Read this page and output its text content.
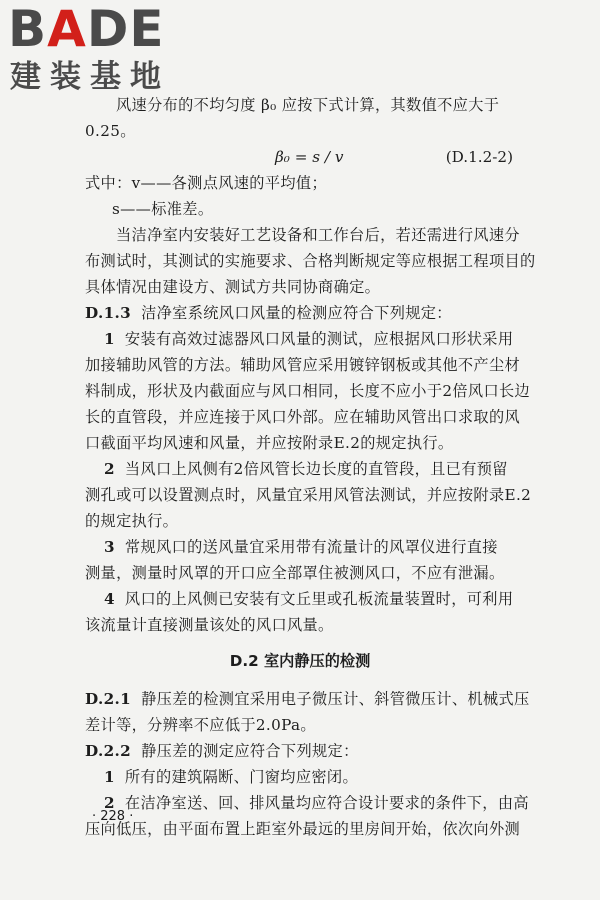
BADE
建装基地
风速分布的不均匀度 β₀ 应按下式计算，其数值不应大于
0.25。
β₀ = s / v	(D.1.2-2)
式中：v——各测点风速的平均值；
s——标准差。
当洁净室内安装好工艺设备和工作台后，若还需进行风速分
布测试时，其测试的实施要求、合格判断规定等应根据工程项目的
具体情况由建设方、测试方共同协商确定。
D.1.3 洁净室系统风口风量的检测应符合下列规定：
1 安装有高效过滤器风口风量的测试，应根据风口形状采用
加接辅助风管的方法。辅助风管应采用镀锌钢板或其他不产尘材
料制成，形状及内截面应与风口相同，长度不应小于2倍风口长边
长的直管段，并应连接于风口外部。应在辅助风管出口求取的风
口截面平均风速和风量，并应按附录E.2的规定执行。
2 当风口上风侧有2倍风管长边长度的直管段，且已有预留
测孔或可以设置测点时，风量宜采用风管法测试，并应按附录E.2
的规定执行。
3 常规风口的送风量宜采用带有流量计的风罩仪进行直接
测量，测量时风罩的开口应全部罩住被测风口，不应有泄漏。
4 风口的上风侧已安装有文丘里或孔板流量装置时，可利用
该流量计直接测量该处的风口风量。
D.2 室内静压的检测
D.2.1 静压差的检测宜采用电子微压计、斜管微压计、机械式压
差计等，分辨率不应低于2.0Pa。
D.2.2 静压差的测定应符合下列规定：
1 所有的建筑隔断、门窗均应密闭。
2 在洁净室送、回、排风量均应符合设计要求的条件下，由高
压向低压，由平面布置上距室外最远的里房间开始，依次向外测
· 228 ·
